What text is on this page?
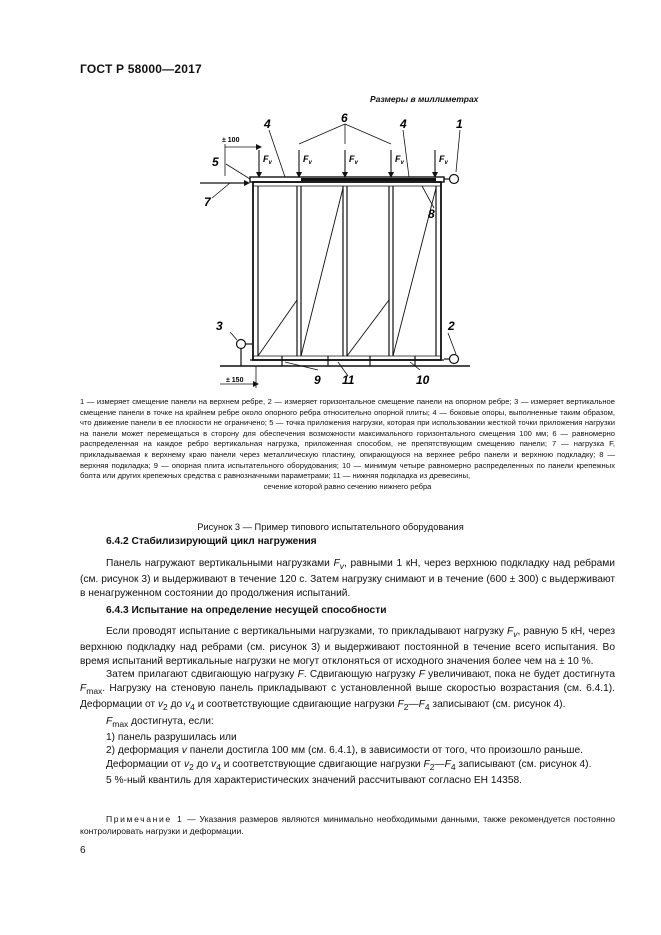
ГОСТ Р 58000—2017
Размеры в миллиметрах
4	4
6	1
5
7
8
3	2
9 11	10
± 100
± 150
$F_v$	$F_v$	$F_v$	$F_v$	$F_v$
1 — измеряет смещение панели на верхнем ребре, 2 — измеряет горизонтальное смещение панели на опорном ребре; 3 — измеряет вертикальное смещение панели в точке на крайнем ребре около опорного ребра относительно опорной плиты; 4 — боковые опоры, выполненные таким образом, что движение панели в ее плоскости не ограничено; 5 — точка приложения нагрузки, которая при использовании жесткой точки приложения нагрузки на панели может перемещаться в сторону для обеспечения возможности максимального горизонтального смещения 100 мм; 6 — равномерно распределенная на каждое ребро вертикальная нагрузка, приложенная способом, не препятствующим смещению панели; 7 — нагрузка F, прикладываемая к верхнему краю панели через металлическую пластину, опирающуюся на верхнее ребро панели и верхнюю подкладку; 8 — верхняя подкладка; 9 — опорная плита испытательного оборудования; 10 — минимум четыре равномерно распределенных по панели крепежных болта или других крепежных средства с равнозначными параметрами; 11 — нижняя подкладка из древесины,
сечение которой равно сечению нижнего ребра
Рисунок 3 — Пример типового испытательного оборудования
6.4.2 Стабилизирующий цикл нагружения

Панель нагружают вертикальными нагрузками $F_v$, равными 1 кН, через верхнюю подкладку над ребрами (см. рисунок 3) и выдерживают в течение 120 с. Затем нагрузку снимают и в течение (600 ± 300) с выдерживают в ненагруженном состоянии до продолжения испытаний.

6.4.3 Испытание на определение несущей способности

Если проводят испытание с вертикальными нагрузками, то прикладывают нагрузку $F_v$, равную 5 кН, через верхнюю подкладку над ребрами (см. рисунок 3) и выдерживают постоянной в течение всего испытания. Во время испытаний вертикальные нагрузки не могут отклоняться от исходного значения более чем на ± 10 %.

Затем прилагают сдвигающую нагрузку F. Сдвигающую нагрузку F увеличивают, пока не будет достигнута $F_{max}$. Нагрузку на стеновую панель прикладывают с установленной выше скоростью возрастания (см. 6.4.1). Деформации от $v_2$ до $v_4$ и соответствующие сдвигающие нагрузки $F_2—F_4$ записывают (см. рисунок 4).

$F_{max}$ достигнута, если:

1) панель разрушилась или

2) деформация v панели достигла 100 мм (см. 6.4.1), в зависимости от того, что произошло раньше.

Деформации от $v_2$ до $v_4$ и соответствующие сдвигающие нагрузки $F_2—F_4$ записывают (см. рисунок 4).

5 %-ный квантиль для характеристических значений рассчитывают согласно ЕН 14358.

Примечание 1 — Указания размеров являются минимально необходимыми данными, также рекомендуется постоянно контролировать нагрузки и деформации.

6
